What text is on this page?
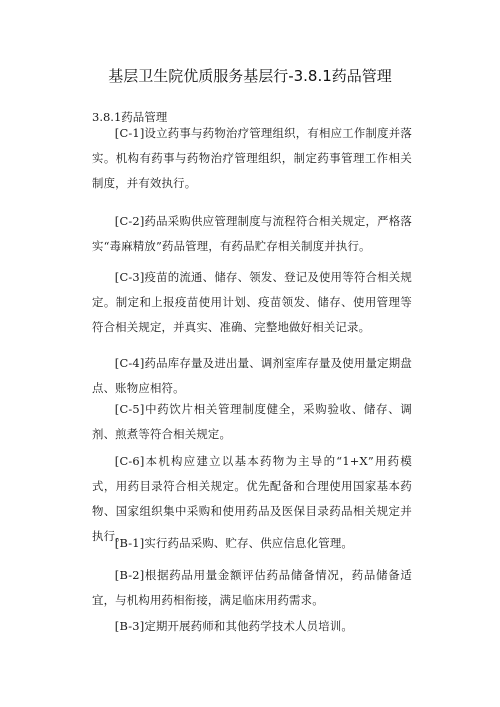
基层卫生院优质服务基层行-3.8.1药品管理
3.8.1药品管理
[C-1]设立药事与药物治疗管理组织，有相应工作制度并落实。机构有药事与药物治疗管理组织，制定药事管理工作相关制度，并有效执行。
[C-2]药品采购供应管理制度与流程符合相关规定，严格落实“毒麻精放”药品管理，有药品贮存相关制度并执行。
[C-3]疫苗的流通、储存、领发、登记及使用等符合相关规定。制定和上报疫苗使用计划、疫苗领发、储存、使用管理等符合相关规定，并真实、准确、完整地做好相关记录。
[C-4]药品库存量及进出量、调剂室库存量及使用量定期盘点、账物应相符。
[C-5]中药饮片相关管理制度健全，采购验收、储存、调剂、煎煮等符合相关规定。
[C-6]本机构应建立以基本药物为主导的“1+X”用药模式，用药目录符合相关规定。优先配备和合理使用国家基本药物、国家组织集中采购和使用药品及医保目录药品相关规定并执行。
[B-1]实行药品采购、贮存、供应信息化管理。
[B-2]根据药品用量金额评估药品储备情况，药品储备适宜，与机构用药相衔接，满足临床用药需求。
[B-3]定期开展药师和其他药学技术人员培训。
